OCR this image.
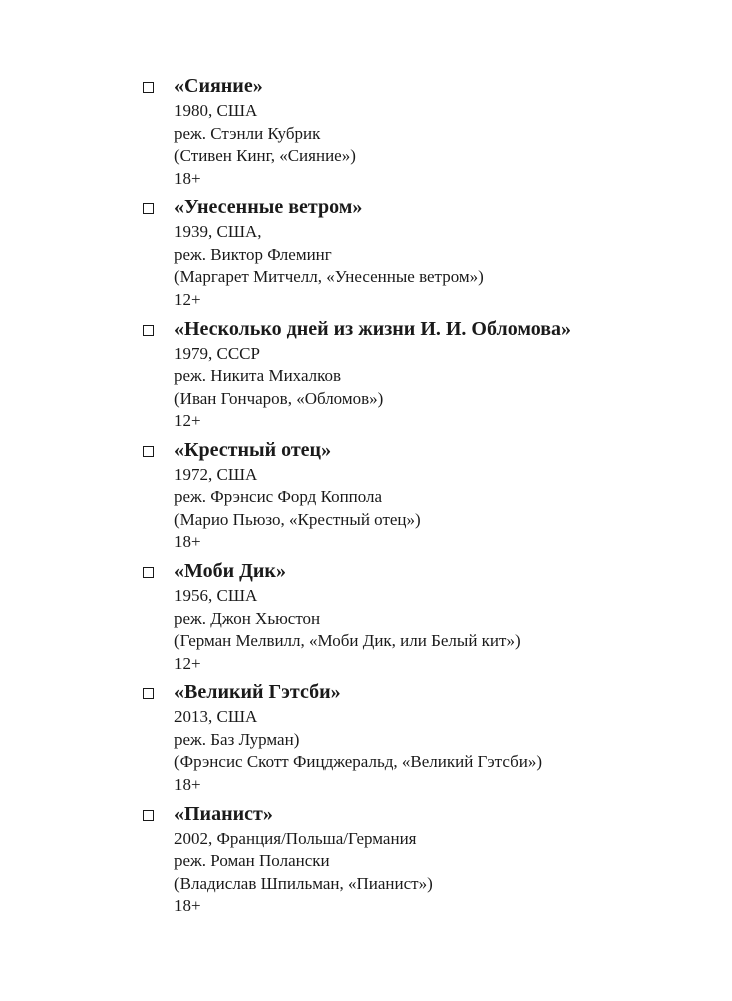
«Сияние»
1980, США
реж. Стэнли Кубрик
(Стивен Кинг, «Сияние»)
18+
«Унесенные ветром»
1939, США,
реж. Виктор Флеминг
(Маргарет Митчелл, «Унесенные ветром»)
12+
«Несколько дней из жизни И. И. Обломова»
1979, СССР
реж. Никита Михалков
(Иван Гончаров, «Обломов»)
12+
«Крестный отец»
1972, США
реж. Фрэнсис Форд Коппола
(Марио Пьюзо, «Крестный отец»)
18+
«Моби Дик»
1956, США
реж. Джон Хьюстон
(Герман Мелвилл, «Моби Дик, или Белый кит»)
12+
«Великий Гэтсби»
2013, США
реж. Баз Лурман)
(Фрэнсис Скотт Фицджеральд, «Великий Гэтсби»)
18+
«Пианист»
2002, Франция/Польша/Германия
реж. Роман Полански
(Владислав Шпильман, «Пианист»)
18+
